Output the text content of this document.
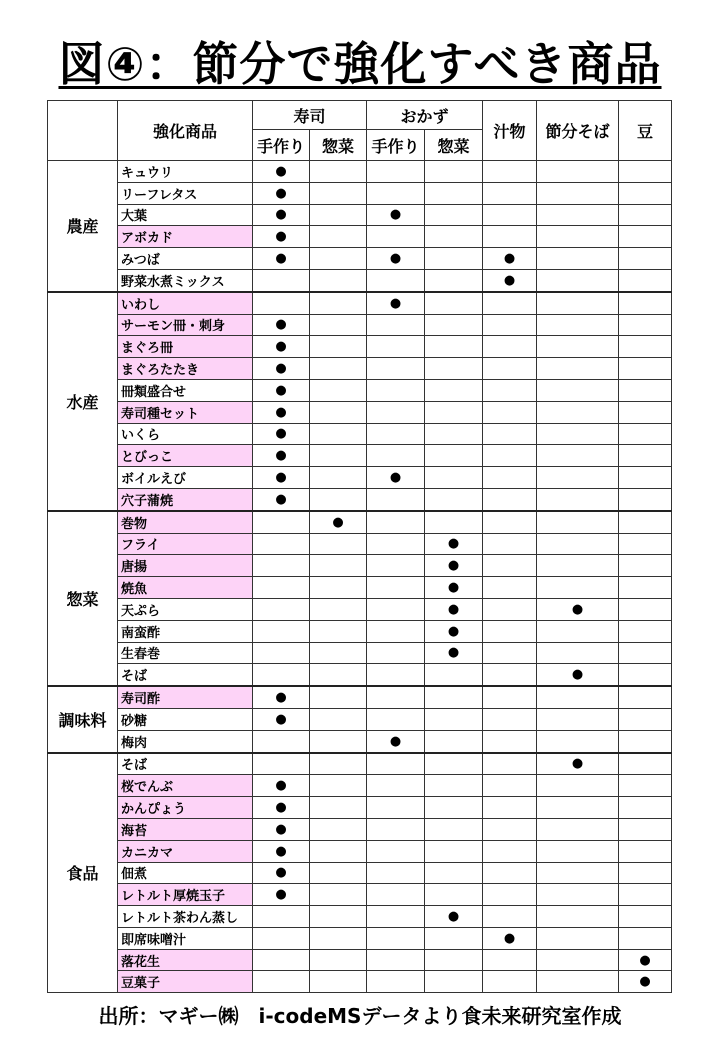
図④：節分で強化すべき商品
	強化商品	寿司		おかず		汁物	節分そば	豆
		手作り	惣菜	手作り	惣菜			
農産	キュウリ	●						
	リーフレタス	●						
	大葉	●		●				
	アボカド	●						
	みつば	●		●		●		
	野菜水煮ミックス					●		
水産	いわし			●				
	サーモン冊・刺身	●						
	まぐろ冊	●						
	まぐろたたき	●						
	冊類盛合せ	●						
	寿司種セット	●						
	いくら	●						
	とびっこ	●						
	ボイルえび	●		●				
	穴子蒲焼	●						
惣菜	巻物		●					
	フライ				●			
	唐揚				●			
	焼魚				●			
	天ぷら				●		●	
	南蛮酢				●			
	生春巻				●			
	そば						●	
調味料	寿司酢	●						
	砂糖	●						
	梅肉			●				
食品	そば						●	
	桜でんぶ	●						
	かんぴょう	●						
	海苔	●						
	カニカマ	●						
	佃煮	●						
	レトルト厚焼玉子	●						
	レトルト茶わん蒸し				●			
	即席味噌汁					●		
	落花生							●
	豆菓子							●
出所：マギー㈱　i-codeMSデータより食未来研究室作成
